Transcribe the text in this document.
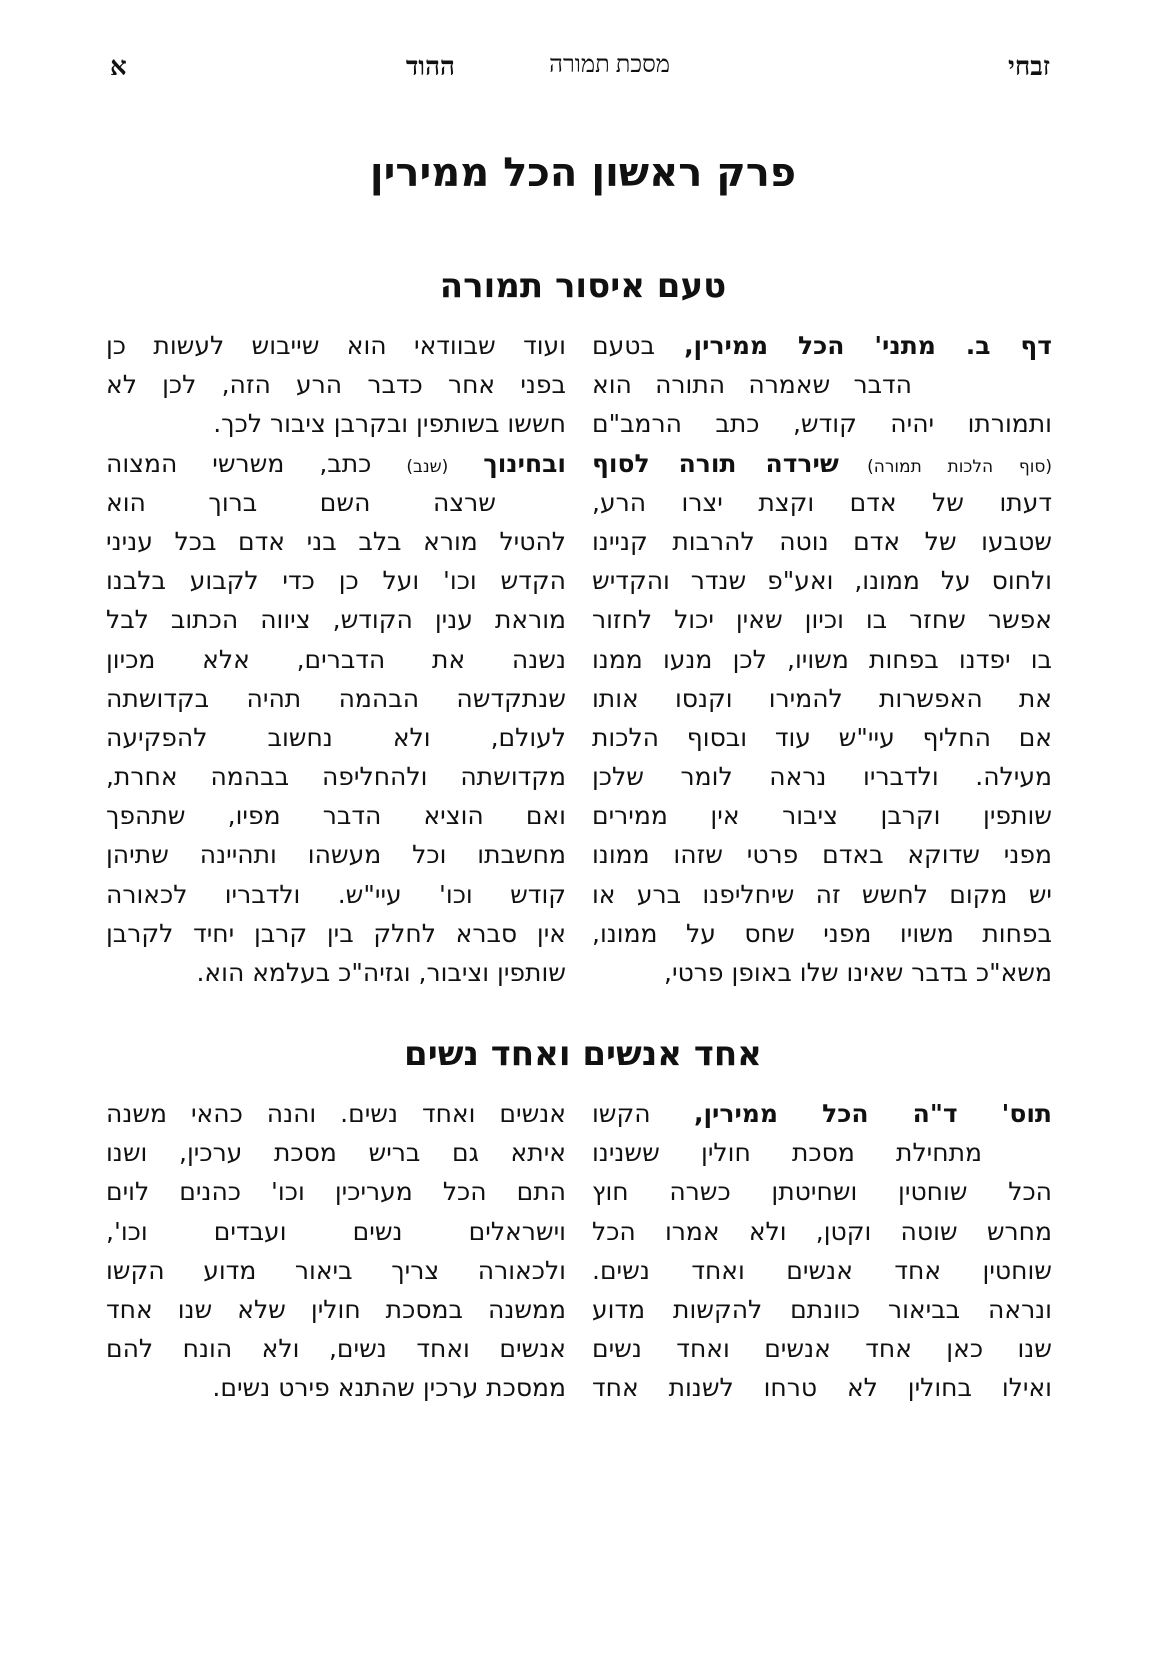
זבחי
מסכת תמורה
ההוד
א
פרק ראשון הכל ממירין
טעם איסור תמורה
דף ב. מתני' הכל ממירין, בטעם
הדבר שאמרה התורה הוא
ותמורתו יהיה קודש, כתב הרמב"ם
(סוף הלכות תמורה) שירדה תורה לסוף
דעתו של אדם וקצת יצרו הרע,
שטבעו של אדם נוטה להרבות קניינו
ולחוס על ממונו, ואע"פ שנדר והקדיש
אפשר שחזר בו וכיון שאין יכול לחזור
בו יפדנו בפחות משויו, לכן מנעו ממנו
את האפשרות להמירו וקנסו אותו
אם החליף עיי"ש עוד ובסוף הלכות
מעילה. ולדבריו נראה לומר שלכן
שותפין וקרבן ציבור אין ממירים
מפני שדוקא באדם פרטי שזהו ממונו
יש מקום לחשש זה שיחליפנו ברע או
בפחות משויו מפני שחס על ממונו,
משא"כ בדבר שאינו שלו באופן פרטי,
ועוד שבוודאי הוא שייבוש לעשות כן
בפני אחר כדבר הרע הזה, לכן לא
חששו בשותפין ובקרבן ציבור לכך.
ובחינוך (שנב) כתב, משרשי המצוה
שרצה השם ברוך הוא
להטיל מורא בלב בני אדם בכל עניני
הקדש וכו' ועל כן כדי לקבוע בלבנו
מוראת ענין הקודש, ציווה הכתוב לבל
נשנה את הדברים, אלא מכיון
שנתקדשה הבהמה תהיה בקדושתה
לעולם, ולא נחשוב להפקיעה
מקדושתה ולהחליפה בבהמה אחרת,
ואם הוציא הדבר מפיו, שתהפך
מחשבתו וכל מעשהו ותהיינה שתיהן
קודש וכו' עיי"ש. ולדבריו לכאורה
אין סברא לחלק בין קרבן יחיד לקרבן
שותפין וציבור, וגזיה"כ בעלמא הוא.
אחד אנשים ואחד נשים
תוס' ד"ה הכל ממירין, הקשו
מתחילת מסכת חולין ששנינו
הכל שוחטין ושחיטתן כשרה חוץ
מחרש שוטה וקטן, ולא אמרו הכל
שוחטין אחד אנשים ואחד נשים.
ונראה בביאור כוונתם להקשות מדוע
שנו כאן אחד אנשים ואחד נשים
ואילו בחולין לא טרחו לשנות אחד
אנשים ואחד נשים. והנה כהאי משנה
איתא גם בריש מסכת ערכין, ושנו
התם הכל מעריכין וכו' כהנים לוים
וישראלים נשים ועבדים וכו',
ולכאורה צריך ביאור מדוע הקשו
ממשנה במסכת חולין שלא שנו אחד
אנשים ואחד נשים, ולא הונח להם
ממסכת ערכין שהתנא פירט נשים.
